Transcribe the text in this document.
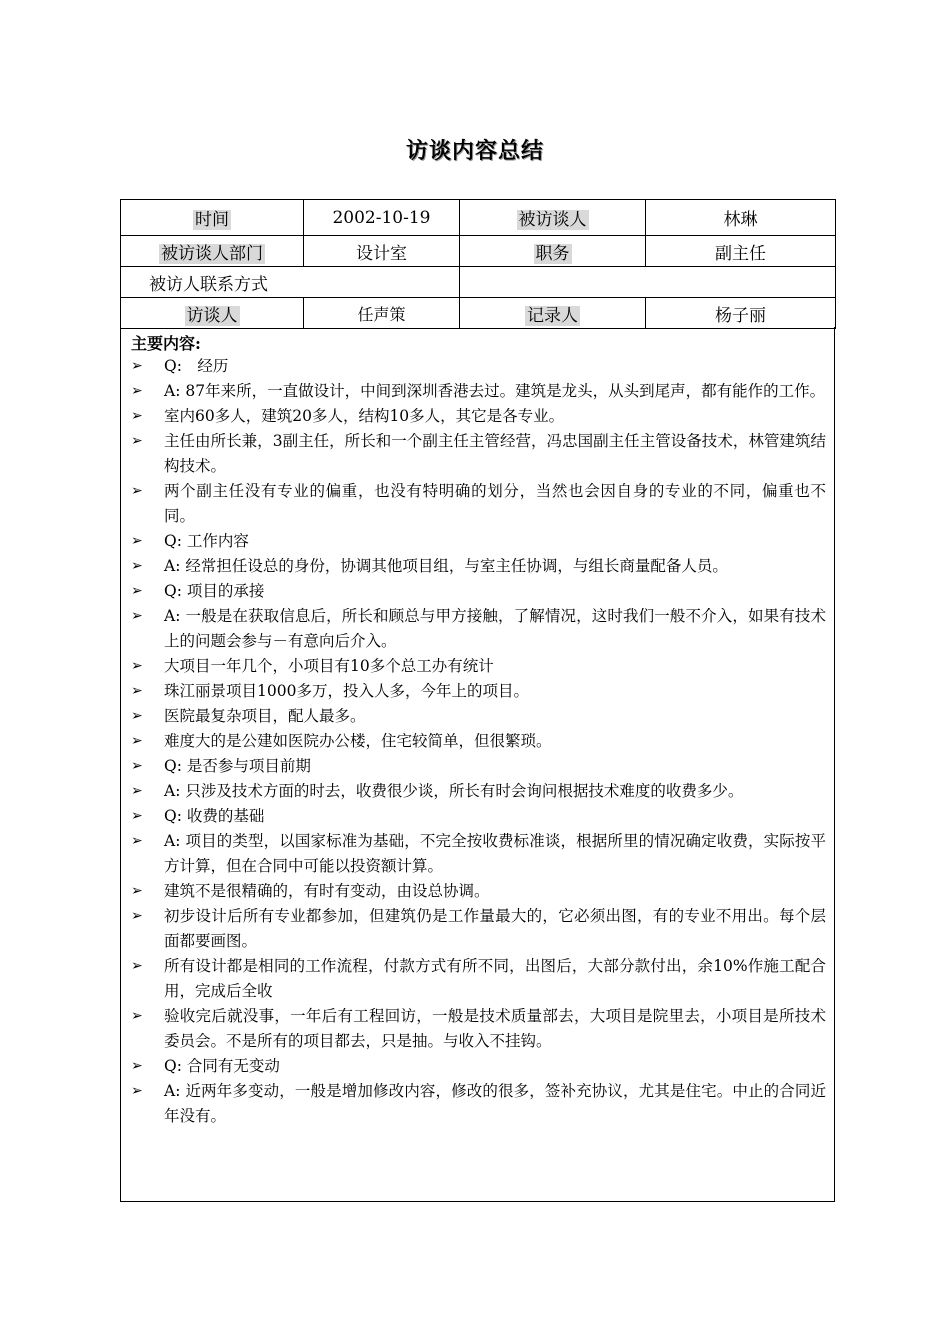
访谈内容总结
时间	2002-10-19	被访谈人	林琳
被访谈人部门	设计室	职务	副主任
被访人联系方式			
访谈人	任声策	记录人	杨子丽
主要内容:
➢ Q:　经历
➢ A: 87年来所，一直做设计，中间到深圳香港去过。建筑是龙头，从头到尾声，都有能作的工作。
➢ 室内60多人，建筑20多人，结构10多人，其它是各专业。
➢ 主任由所长兼，3副主任，所长和一个副主任主管经营，冯忠国副主任主管设备技术，林管建筑结构技术。
➢ 两个副主任没有专业的偏重，也没有特明确的划分，当然也会因自身的专业的不同，偏重也不同。
➢ Q: 工作内容
➢ A: 经常担任设总的身份，协调其他项目组，与室主任协调，与组长商量配备人员。
➢ Q: 项目的承接
➢ A: 一般是在获取信息后，所长和顾总与甲方接触，了解情况，这时我们一般不介入，如果有技术上的问题会参与－有意向后介入。
➢ 大项目一年几个，小项目有10多个总工办有统计
➢ 珠江丽景项目1000多万，投入人多，今年上的项目。
➢ 医院最复杂项目，配人最多。
➢ 难度大的是公建如医院办公楼，住宅较简单，但很繁琐。
➢ Q: 是否参与项目前期
➢ A: 只涉及技术方面的时去，收费很少谈，所长有时会询问根据技术难度的收费多少。
➢ Q: 收费的基础
➢ A: 项目的类型，以国家标准为基础，不完全按收费标准谈，根据所里的情况确定收费，实际按平方计算，但在合同中可能以投资额计算。
➢ 建筑不是很精确的，有时有变动，由设总协调。
➢ 初步设计后所有专业都参加，但建筑仍是工作量最大的，它必须出图，有的专业不用出。每个层面都要画图。
➢ 所有设计都是相同的工作流程，付款方式有所不同，出图后，大部分款付出，余10%作施工配合用，完成后全收
➢ 验收完后就没事，一年后有工程回访，一般是技术质量部去，大项目是院里去，小项目是所技术委员会。不是所有的项目都去，只是抽。与收入不挂钩。
➢ Q: 合同有无变动
➢ A: 近两年多变动，一般是增加修改内容，修改的很多，签补充协议，尤其是住宅。中止的合同近年没有。
